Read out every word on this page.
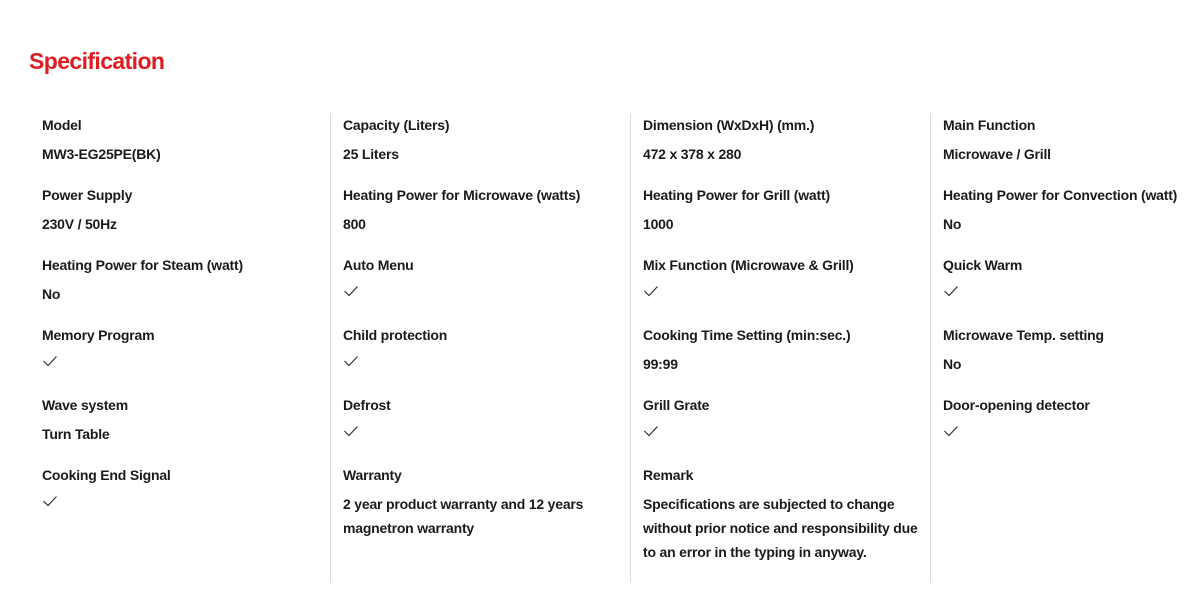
Specification
Model
MW3-EG25PE(BK)
Power Supply
230V / 50Hz
Heating Power for Steam (watt)
No
Memory Program
Wave system
Turn Table
Cooking End Signal
Capacity (Liters)
25 Liters
Heating Power for Microwave (watts)
800
Auto Menu
Child protection
Defrost
Warranty
2 year product warranty and 12 years magnetron warranty
Dimension (WxDxH) (mm.)
472 x 378 x 280
Heating Power for Grill (watt)
1000
Mix Function (Microwave & Grill)
Cooking Time Setting (min:sec.)
99:99
Grill Grate
Remark
Specifications are subjected to change without prior notice and responsibility due to an error in the typing in anyway.
Main Function
Microwave / Grill
Heating Power for Convection (watt)
No
Quick Warm
Microwave Temp. setting
No
Door-opening detector
